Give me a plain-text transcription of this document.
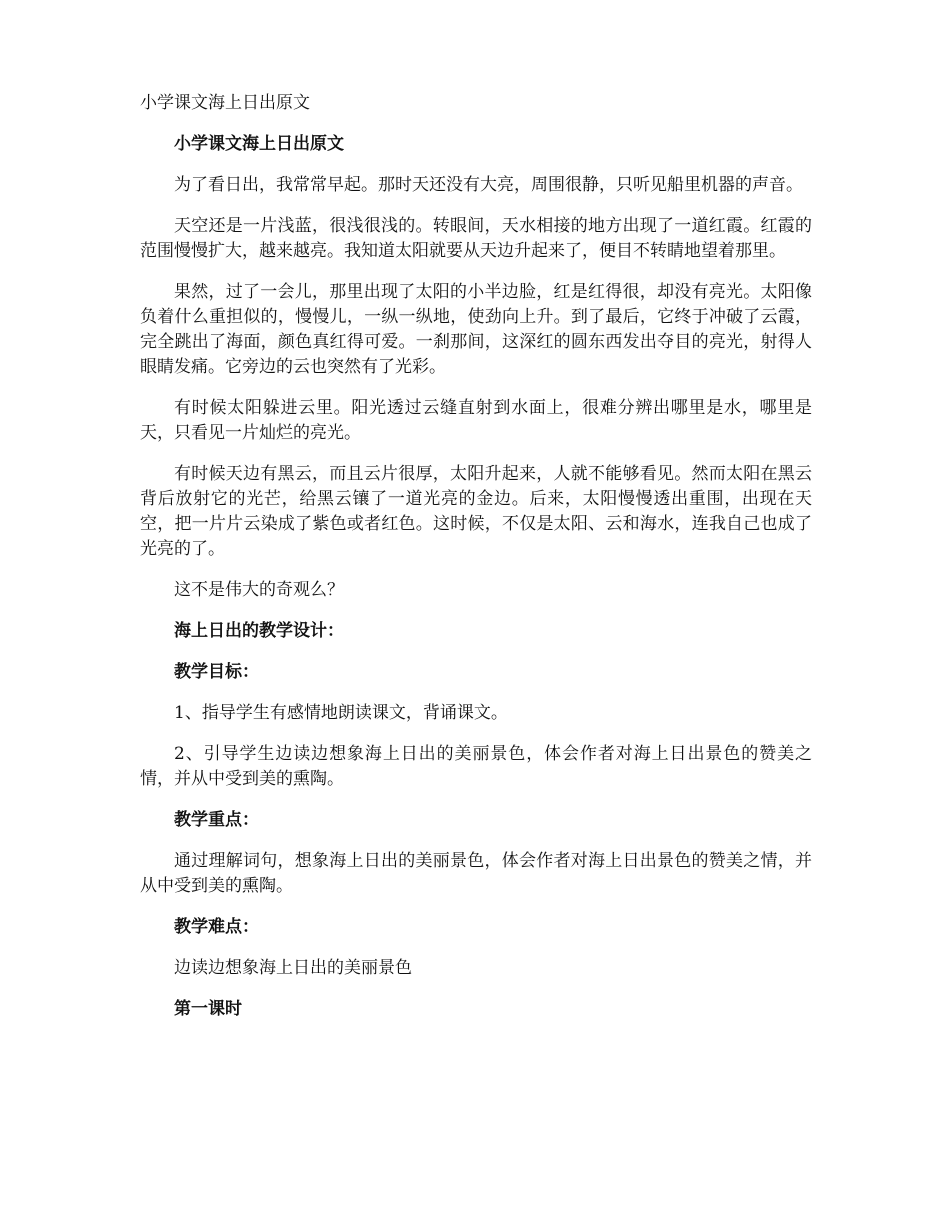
小学课文海上日出原文

小学课文海上日出原文

为了看日出，我常常早起。那时天还没有大亮，周围很静，只听见船里机器的声音。

天空还是一片浅蓝，很浅很浅的。转眼间，天水相接的地方出现了一道红霞。红霞的范围慢慢扩大，越来越亮。我知道太阳就要从天边升起来了，便目不转睛地望着那里。

果然，过了一会儿，那里出现了太阳的小半边脸，红是红得很，却没有亮光。太阳像负着什么重担似的，慢慢儿，一纵一纵地，使劲向上升。到了最后，它终于冲破了云霞，完全跳出了海面，颜色真红得可爱。一刹那间，这深红的圆东西发出夺目的亮光，射得人眼睛发痛。它旁边的云也突然有了光彩。

有时候太阳躲进云里。阳光透过云缝直射到水面上，很难分辨出哪里是水，哪里是天，只看见一片灿烂的亮光。

有时候天边有黑云，而且云片很厚，太阳升起来，人就不能够看见。然而太阳在黑云背后放射它的光芒，给黑云镶了一道光亮的金边。后来，太阳慢慢透出重围，出现在天空，把一片片云染成了紫色或者红色。这时候，不仅是太阳、云和海水，连我自己也成了光亮的了。

这不是伟大的奇观么？

海上日出的教学设计：

教学目标：

1、指导学生有感情地朗读课文，背诵课文。

2、引导学生边读边想象海上日出的美丽景色，体会作者对海上日出景色的赞美之情，并从中受到美的熏陶。

教学重点：

通过理解词句，想象海上日出的美丽景色，体会作者对海上日出景色的赞美之情，并从中受到美的熏陶。

教学难点：

边读边想象海上日出的美丽景色

第一课时
